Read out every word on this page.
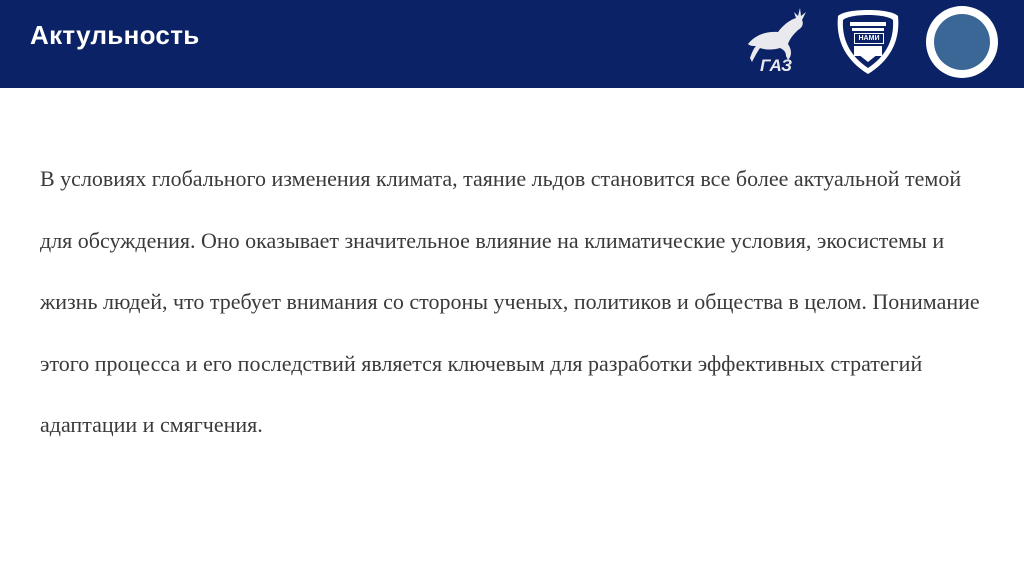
Актульность
ГАЗ
НАМИ
В условиях глобального изменения климата, таяние льдов становится все более актуальной темой для обсуждения. Оно оказывает значительное влияние на климатические условия, экосистемы и жизнь людей, что требует внимания со стороны ученых, политиков и общества в целом. Понимание этого процесса и его последствий является ключевым для разработки эффективных стратегий адаптации и смягчения.
